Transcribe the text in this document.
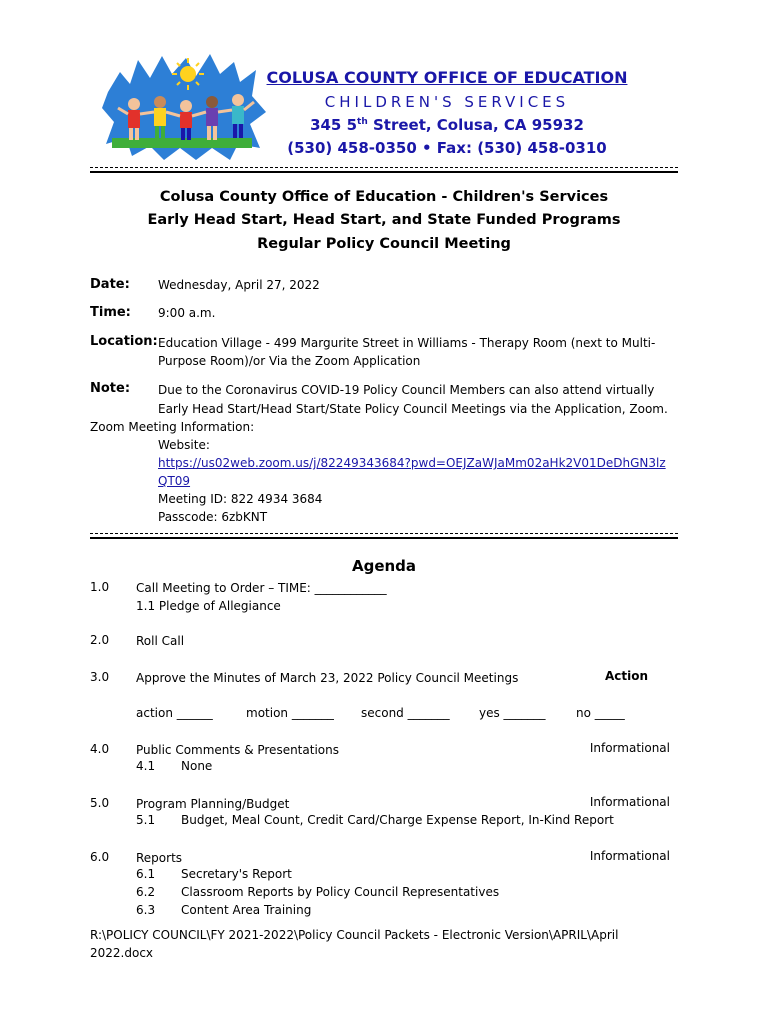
COLUSA COUNTY OFFICE OF EDUCATION
CHILDREN'S SERVICES
345 5th Street, Colusa, CA 95932
(530) 458-0350 • Fax: (530) 458-0310
Colusa County Office of Education - Children's Services
Early Head Start, Head Start, and State Funded Programs
Regular Policy Council Meeting
Date: Wednesday, April 27, 2022
Time: 9:00 a.m.
Location: Education Village - 499 Margurite Street in Williams - Therapy Room (next to Multi-
Purpose Room)/or Via the Zoom Application
Note: Due to the Coronavirus COVID-19 Policy Council Members can also attend virtually
Early Head Start/Head Start/State Policy Council Meetings via the Application, Zoom.
Zoom Meeting Information:
Website:
https://us02web.zoom.us/j/82249343684?pwd=OEJZaWJaMm02aHk2V01DeDhGN3lz
QT09
Meeting ID: 822 4934 3684
Passcode: 6zbKNT
Agenda
1.0 Call Meeting to Order – TIME: ____________
1.1 Pledge of Allegiance
2.0 Roll Call
3.0 Approve the Minutes of March 23, 2022 Policy Council Meetings	Action
action ______	motion _______ second _______ yes _______	no _____
4.0 Public Comments & Presentations	Informational
4.1 None
5.0 Program Planning/Budget	Informational
5.1 Budget, Meal Count, Credit Card/Charge Expense Report, In-Kind Report
6.0 Reports	Informational
6.1 Secretary's Report
6.2 Classroom Reports by Policy Council Representatives
6.3 Content Area Training
R:\POLICY COUNCIL\FY 2021-2022\Policy Council Packets - Electronic Version\APRIL\April
2022.docx
